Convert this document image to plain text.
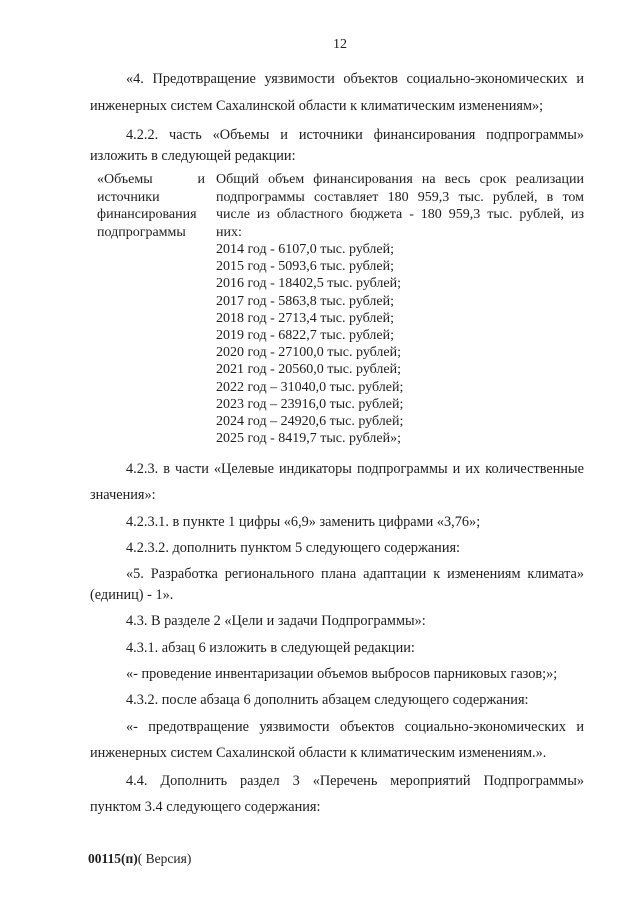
12
«4. Предотвращение уязвимости объектов социально-экономических и
инженерных систем Сахалинской области к климатическим изменениям»;
4.2.2. часть «Объемы и источники финансирования подпрограммы»
изложить в следующей редакции:
«Объемы	и
источники
финансирования
подпрограммы
Общий объем финансирования на весь срок реализации
подпрограммы составляет 180 959,3 тыс. рублей, в том
числе из областного бюджета - 180 959,3 тыс. рублей, из
них:
2014 год - 6107,0 тыс. рублей;
2015 год - 5093,6 тыс. рублей;
2016 год - 18402,5 тыс. рублей;
2017 год - 5863,8 тыс. рублей;
2018 год - 2713,4 тыс. рублей;
2019 год - 6822,7 тыс. рублей;
2020 год - 27100,0 тыс. рублей;
2021 год - 20560,0 тыс. рублей;
2022 год – 31040,0 тыс. рублей;
2023 год – 23916,0 тыс. рублей;
2024 год – 24920,6 тыс. рублей;
2025 год - 8419,7 тыс. рублей»;
4.2.3. в части «Целевые индикаторы подпрограммы и их количественные
значения»:
4.2.3.1. в пункте 1 цифры «6,9» заменить цифрами «3,76»;
4.2.3.2. дополнить пунктом 5 следующего содержания:
«5. Разработка регионального плана адаптации к изменениям климата»
(единиц) - 1».
4.3. В разделе 2 «Цели и задачи Подпрограммы»:
4.3.1. абзац 6 изложить в следующей редакции:
«- проведение инвентаризации объемов выбросов парниковых газов;»;
4.3.2. после абзаца 6 дополнить абзацем следующего содержания:
«- предотвращение уязвимости объектов социально-экономических и
инженерных систем Сахалинской области к климатическим изменениям.».
4.4. Дополнить раздел 3 «Перечень мероприятий Подпрограммы»
пунктом 3.4 следующего содержания:
00115(п)( Версия)
